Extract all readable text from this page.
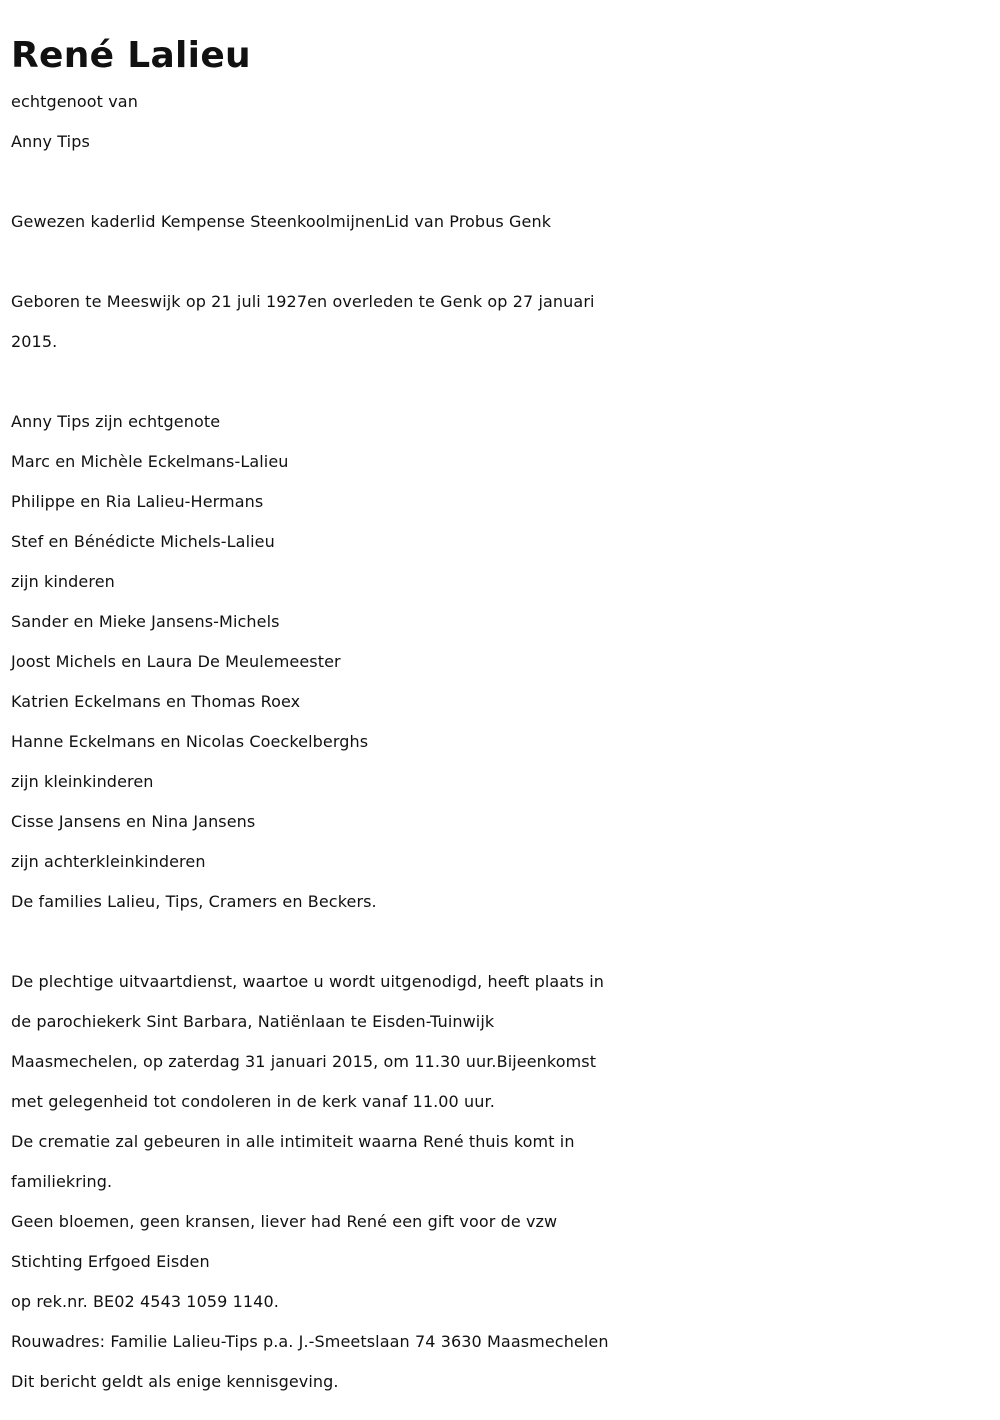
René Lalieu
echtgenoot van
Anny Tips
Gewezen kaderlid Kempense SteenkoolmijnenLid van Probus Genk
Geboren te Meeswijk op 21 juli 1927en overleden te Genk op 27 januari
2015.
Anny Tips zijn echtgenote
Marc en Michèle Eckelmans-Lalieu
Philippe en Ria Lalieu-Hermans
Stef en Bénédicte Michels-Lalieu
zijn kinderen
Sander en Mieke Jansens-Michels
Joost Michels en Laura De Meulemeester
Katrien Eckelmans en Thomas Roex
Hanne Eckelmans en Nicolas Coeckelberghs
zijn kleinkinderen
Cisse Jansens en Nina Jansens
zijn achterkleinkinderen
De families Lalieu, Tips, Cramers en Beckers.
De plechtige uitvaartdienst, waartoe u wordt uitgenodigd, heeft plaats in
de parochiekerk Sint Barbara, Natiënlaan te Eisden-Tuinwijk
Maasmechelen, op zaterdag 31 januari 2015, om 11.30 uur.Bijeenkomst
met gelegenheid tot condoleren in de kerk vanaf 11.00 uur.
De crematie zal gebeuren in alle intimiteit waarna René thuis komt in
familiekring.
Geen bloemen, geen kransen, liever had René een gift voor de vzw
Stichting Erfgoed Eisden
op rek.nr. BE02 4543 1059 1140.
Rouwadres: Familie Lalieu-Tips p.a. J.-Smeetslaan 74 3630 Maasmechelen
Dit bericht geldt als enige kennisgeving.
